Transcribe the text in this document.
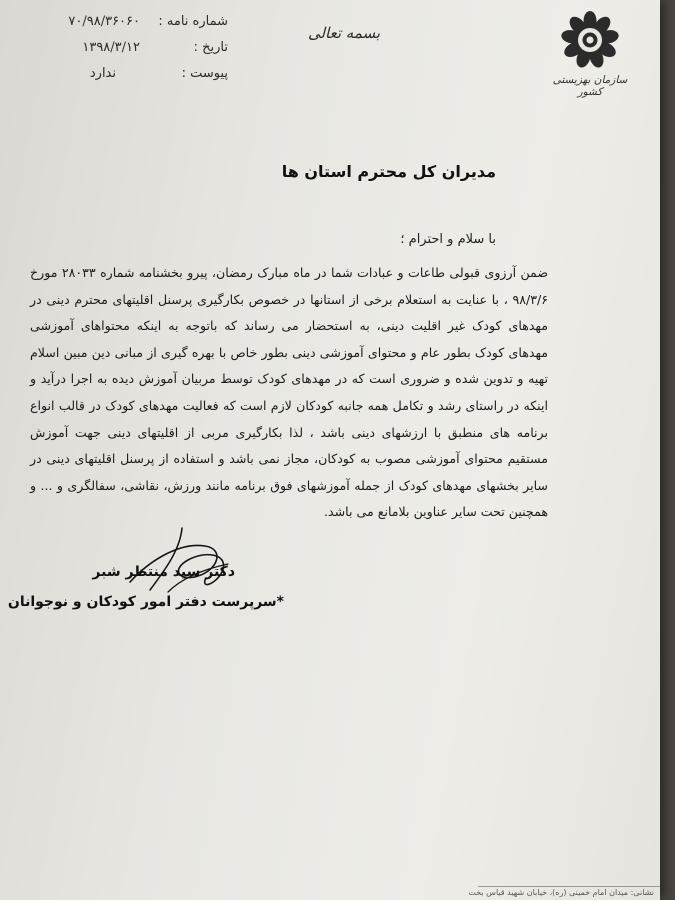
شماره نامه :
۷۰/۹۸/۳۶۰۶۰
تاریخ :
۱۳۹۸/۳/۱۲
پیوست :
ندارد
بسمه تعالی
سازمان بهزیستی کشور
مدیران کل محترم استان ها
با سلام و احترام ؛
ضمن آرزوی قبولی طاعات و عبادات شما در ماه مبارک رمضان، پیرو بخشنامه شماره ۲۸۰۳۳ مورخ ۹۸/۳/۶ ، با عنایت به استعلام برخی از استانها در خصوص بکارگیری پرسنل اقلیتهای محترم دینی در مهدهای کودک غیر اقلیت دینی، به استحضار می رساند که باتوجه به اینکه محتواهای آموزشی مهدهای کودک بطور عام و محتوای آموزشی دینی بطور خاص با بهره گیری از مبانی دین مبین اسلام تهیه و تدوین شده و ضروری است که در مهدهای کودک توسط مربیان آموزش دیده به اجرا درآید و اینکه در راستای رشد و تکامل همه جانبه کودکان لازم است که فعالیت مهدهای کودک در قالب انواع برنامه های منطبق با ارزشهای دینی باشد ، لذا بکارگیری مربی از اقلیتهای دینی جهت آموزش مستقیم محتوای آموزشی مصوب به کودکان، مجاز نمی باشد و استفاده از پرسنل اقلیتهای دینی در سایر بخشهای مهدهای کودک از جمله آموزشهای فوق برنامه مانند ورزش، نقاشی، سفالگری و ... و همچنین تحت سایر عناوین بلامانع می باشد.
دکتر سید منتظر شبر
*سرپرست دفتر امور کودکان و نوجوانان
نشانی: میدان امام خمینی (ره)، خیابان شهید قیاس بخت
